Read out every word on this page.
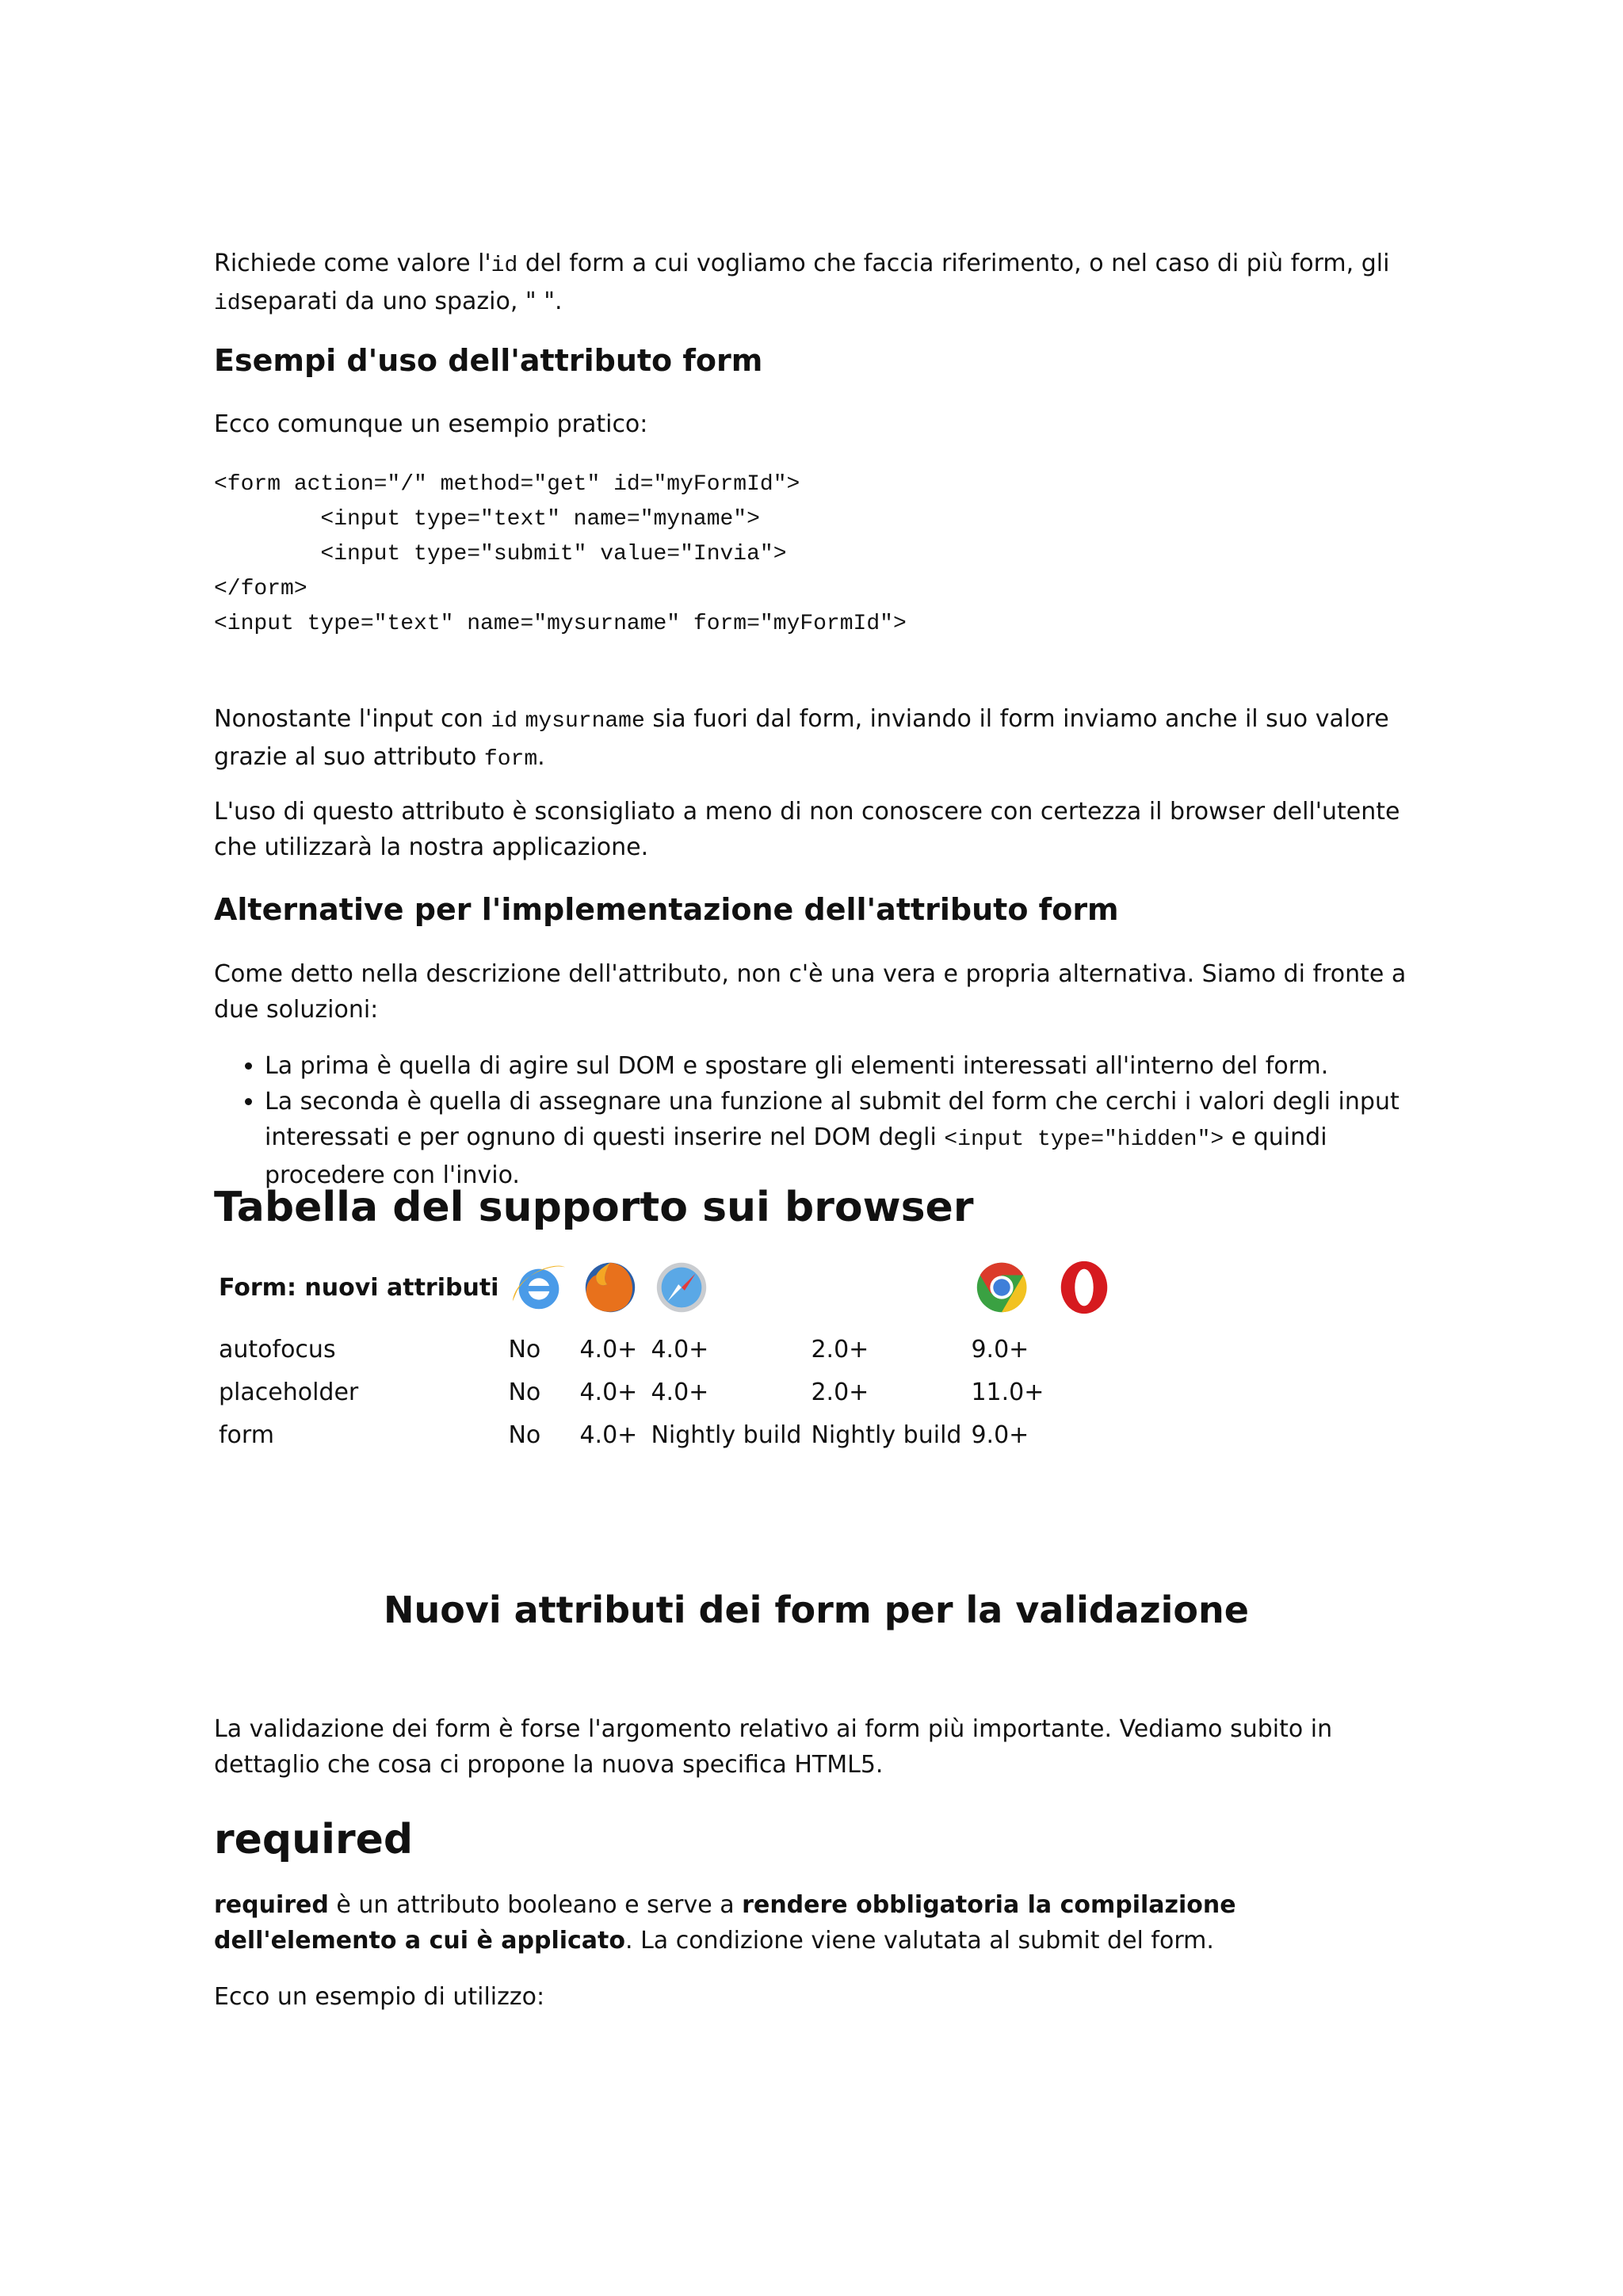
Richiede come valore l'id del form a cui vogliamo che faccia riferimento, o nel caso di più form, gli idseparati da uno spazio, " ".

Esempi d'uso dell'attributo form

Ecco comunque un esempio pratico:

<form action="/" method="get" id="myFormId">
<input type="text" name="myname">
<input type="submit" value="Invia">
</form>
<input type="text" name="mysurname" form="myFormId">

Nonostante l'input con id mysurname sia fuori dal form, inviando il form inviamo anche il suo valore grazie al suo attributo form.

L'uso di questo attributo è sconsigliato a meno di non conoscere con certezza il browser dell'utente che utilizzarà la nostra applicazione.

Alternative per l'implementazione dell'attributo form

Come detto nella descrizione dell'attributo, non c'è una vera e propria alternativa. Siamo di fronte a due soluzioni:

• La prima è quella di agire sul DOM e spostare gli elementi interessati all'interno del form.
• La seconda è quella di assegnare una funzione al submit del form che cerchi i valori degli input interessati e per ognuno di questi inserire nel DOM degli <input type="hidden"> e quindi procedere con l'invio.
Tabella del supporto sui browser
Form: nuovi attributi	

autofocus	No	4.0+	4.0+	2.0+	9.0+	
placeholder	No	4.0+	4.0+	2.0+	11.0+	
form	No	4.0+	Nightly build	Nightly build	9.0+	
Nuovi attributi dei form per la validazione

La validazione dei form è forse l'argomento relativo ai form più importante. Vediamo subito in dettaglio che cosa ci propone la nuova specifica HTML5.

required

required è un attributo booleano e serve a rendere obbligatoria la compilazione dell'elemento a cui è applicato. La condizione viene valutata al submit del form.

Ecco un esempio di utilizzo:
